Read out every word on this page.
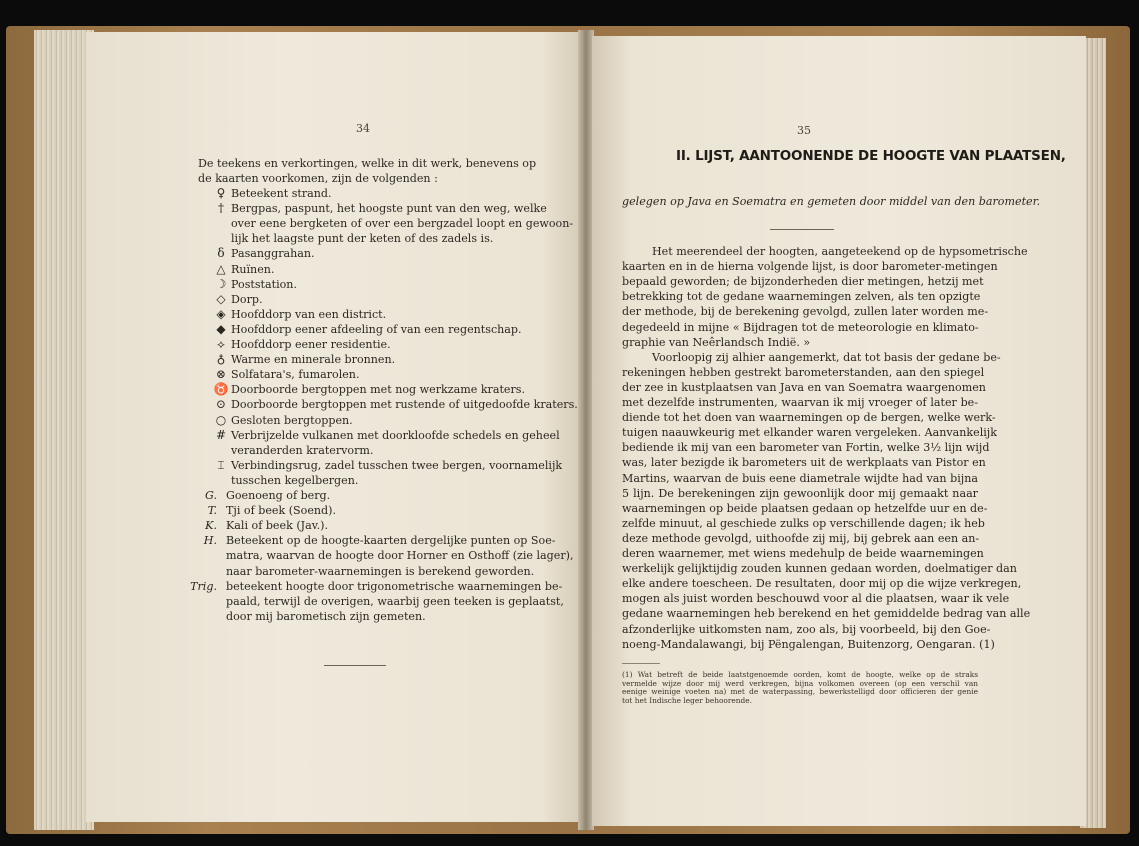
34
De teekens en verkortingen, welke in dit werk, benevens op
de kaarten voorkomen, zijn de volgenden :
♀ Beteekent strand.
† Bergpas, paspunt, het hoogste punt van den weg, welke
over eene bergketen of over een bergzadel loopt en gewoon-
lijk het laagste punt der keten of des zadels is.
δ Pasanggrahan.
△ Ruïnen.
☽ Poststation.
◇ Dorp.
◈ Hoofddorp van een district.
◆ Hoofddorp eener afdeeling of van een regentschap.
⟡ Hoofddorp eener residentie.
♁ Warme en minerale bronnen.
⊗ Solfatara's, fumarolen.
♉ Doorboorde bergtoppen met nog werkzame kraters.
⊙ Doorboorde bergtoppen met rustende of uitgedoofde kraters.
○ Gesloten bergtoppen.
# Verbrijzelde vulkanen met doorkloofde schedels en geheel
veranderden kratervorm.
⌶ Verbindingsrug, zadel tusschen twee bergen, voornamelijk
tusschen kegelbergen.
G. Goenoeng of berg.
T. Tji of beek (Soend).
K. Kali of beek (Jav.).
H. Beteekent op de hoogte-kaarten dergelijke punten op Soe-
matra, waarvan de hoogte door Horner en Osthoff (zie lager),
naar barometer-waarnemingen is berekend geworden.
Trig. beteekent hoogte door trigonometrische waarnemingen be-
paald, terwijl de overigen, waarbij geen teeken is geplaatst,
door mij barometisch zijn gemeten.
35
II. LIJST, AANTOONENDE DE HOOGTE VAN PLAATSEN,
gelegen op Java en Soematra en gemeten door middel van den barometer.
Het meerendeel der hoogten, aangeteekend op de hypsometrische
kaarten en in de hierna volgende lijst, is door barometer-metingen
bepaald geworden; de bijzonderheden dier metingen, hetzij met
betrekking tot de gedane waarnemingen zelven, als ten opzigte
der methode, bij de berekening gevolgd, zullen later worden me-
degedeeld in mijne « Bijdragen tot de meteorologie en klimato-
graphie van Neêrlandsch Indië. »
Voorloopig zij alhier aangemerkt, dat tot basis der gedane be-
rekeningen hebben gestrekt barometerstanden, aan den spiegel
der zee in kustplaatsen van Java en van Soematra waargenomen
met dezelfde instrumenten, waarvan ik mij vroeger of later be-
diende tot het doen van waarnemingen op de bergen, welke werk-
tuigen naauwkeurig met elkander waren vergeleken. Aanvankelijk
bediende ik mij van een barometer van Fortin, welke 3½ lijn wijd
was, later bezigde ik barometers uit de werkplaats van Pistor en
Martins, waarvan de buis eene diametrale wijdte had van bijna
5 lijn. De berekeningen zijn gewoonlijk door mij gemaakt naar
waarnemingen op beide plaatsen gedaan op hetzelfde uur en de-
zelfde minuut, al geschiede zulks op verschillende dagen; ik heb
deze methode gevolgd, uithoofde zij mij, bij gebrek aan een an-
deren waarnemer, met wiens medehulp de beide waarnemingen
werkelijk gelijktijdig zouden kunnen gedaan worden, doelmatiger dan
elke andere toescheen. De resultaten, door mij op die wijze verkregen,
mogen als juist worden beschouwd voor al die plaatsen, waar ik vele
gedane waarnemingen heb berekend en het gemiddelde bedrag van alle
afzonderlijke uitkomsten nam, zoo als, bij voorbeeld, bij den Goe-
noeng-Mandalawangi, bij Pëngalengan, Buitenzorg, Oengaran. (1)
(1) Wat betreft de beide laatstgenoemde oorden, komt de hoogte, welke op de straks
vermelde wijze door mij werd verkregen, bijna volkomen overeen (op een verschil van
eenige weinige voeten na) met de waterpassing, bewerkstelligd door officieren der genie
tot het Indische leger behoorende.
